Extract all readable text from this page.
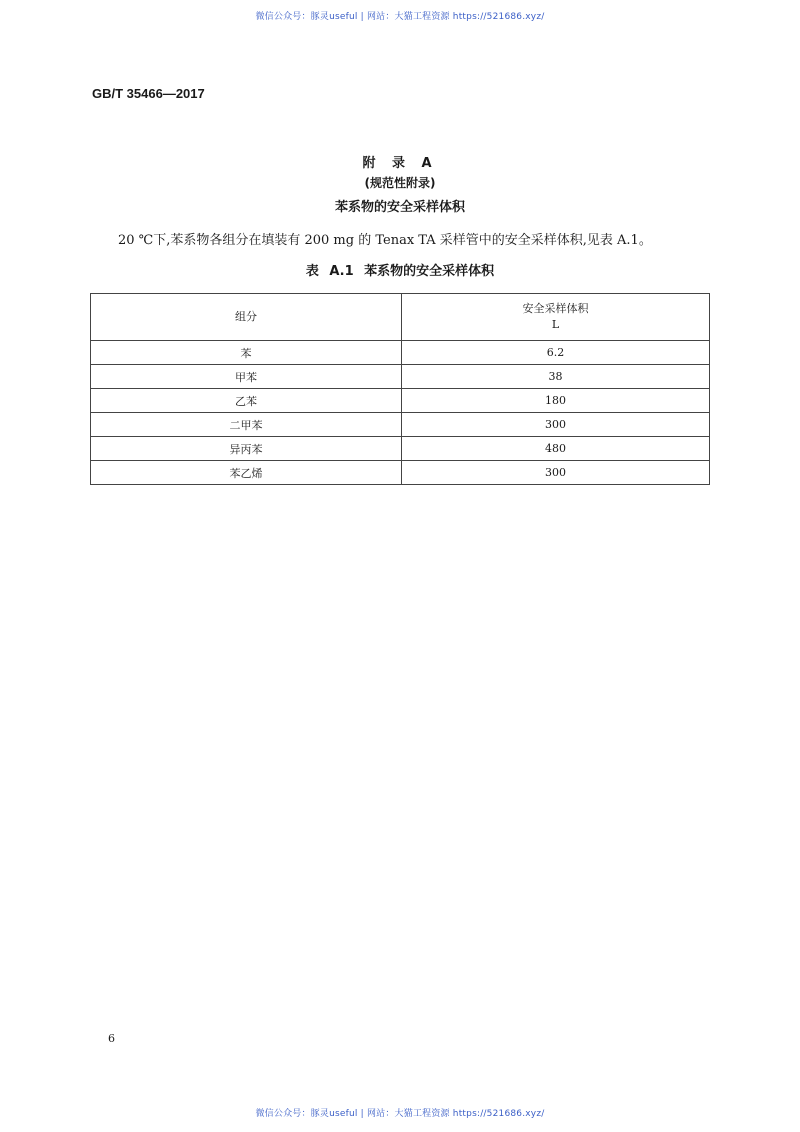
微信公众号：豚灵useful | 网站：大猫工程资源 https://521686.xyz/
GB/T 35466—2017
附 录 A
(规范性附录)
苯系物的安全采样体积
20 ℃下,苯系物各组分在填装有 200 mg 的 Tenax TA 采样管中的安全采样体积,见表 A.1。
表 A.1 苯系物的安全采样体积
组分	安全采样体积
L

苯	6.2
甲苯	38
乙苯	180
二甲苯	300
异丙苯	480
苯乙烯	300
6
微信公众号：豚灵useful | 网站：大猫工程资源 https://521686.xyz/
